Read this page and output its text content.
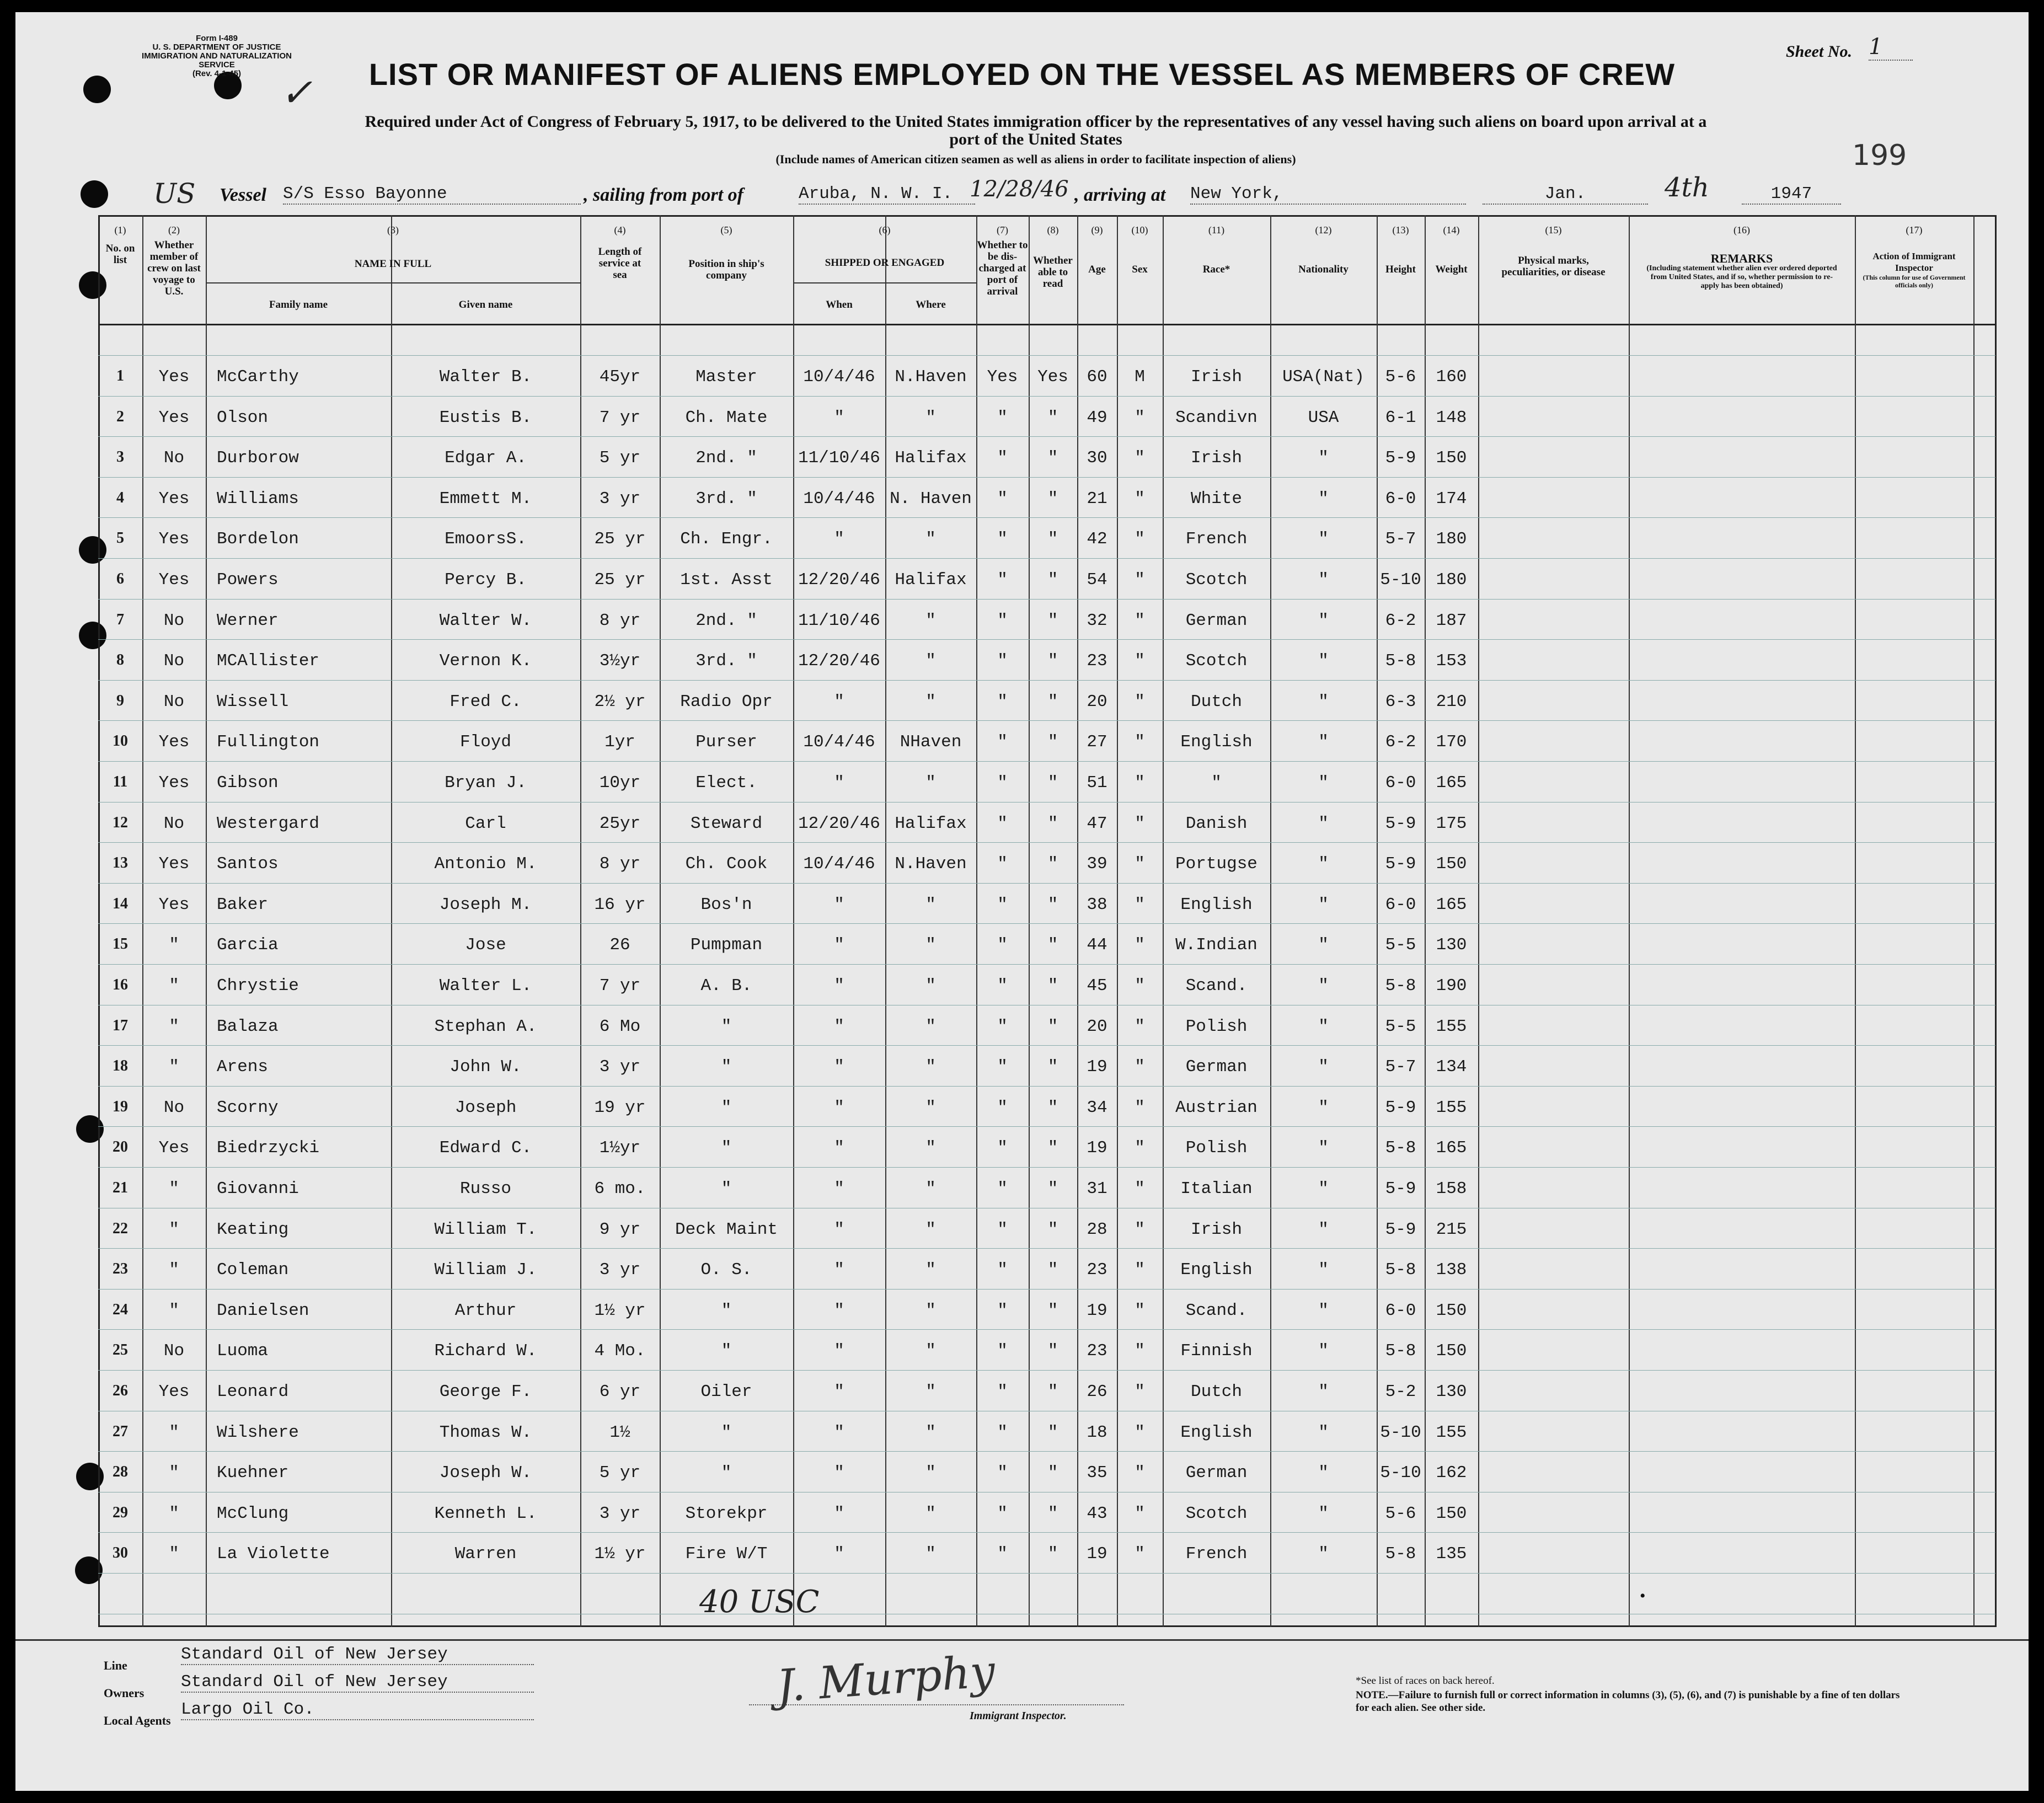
Form I-489
U. S. DEPARTMENT OF JUSTICE
IMMIGRATION AND NATURALIZATION SERVICE
(Rev. 4-1-45)	✓
Sheet No. 1
LIST OR MANIFEST OF ALIENS EMPLOYED ON THE VESSEL AS MEMBERS OF CREW
Required under Act of Congress of February 5, 1917, to be delivered to the United States immigration officer by the representatives of any vessel having such aliens on board upon arrival at a
port of the United States
(Include names of American citizen seamen as well as aliens in order to facilitate inspection of aliens)	199
US Vessel S/S Esso Bayonne	, sailing from port of	Aruba, N. W. I. 12/28/46 , arriving at New York,	Jan.	4th	1947
(1)
No. on list
(2)
Whether member of crew on last voyage to U.S.
(3)
NAME IN FULL
Family name	Given name
(4)
Length of service at sea
(5)
Position in ship's company
(6)
SHIPPED OR ENGAGED
When	Where
(7)
Whether to be dis-charged at port of arrival
(8)
Whether able to read
(9)
Age
(10)
Sex
(11)
Race*
(12)
Nationality
(13)
Height
(14)
Weight
(15)
Physical marks, peculiarities, or disease
(16)
REMARKS
(Including statement whether alien ever ordered deported from United States, and if so, whether permission to re-apply has been obtained)
(17)
Action of Immigrant Inspector
(This column for use of Government officials only)
1	Yes	McCarthy	Walter B.	45yr	Master	10/4/46	N.Haven	Yes	Yes	60	M	Irish	USA(Nat)	5-6	160
2	Yes	Olson	Eustis B.	7 yr	Ch. Mate	"	"	"	"	49	"	Scandivn	USA	6-1	148
3	No	Durborow	Edgar A.	5 yr	2nd. "	11/10/46 Halifax	"	"	30	"	Irish	"	5-9	150
4	Yes	Williams	Emmett M.	3 yr	3rd. "	10/4/46 N. Haven	"	"	21	"	White	"	6-0	174
5	Yes	Bordelon	EmoorsS.	25 yr	Ch. Engr.	"	"	"	"	42	"	French	"	5-7	180
6	Yes	Powers	Percy B.	25 yr	1st. Asst	12/20/46 Halifax	"	"	54	"	Scotch	"	5-10 180
7	No	Werner	Walter W.	8 yr	2nd. "	11/10/46	"	"	"	32	"	German	"	6-2	187
8	No	MCAllister	Vernon K.	3½yr	3rd. "	12/20/46	"	"	"	23	"	Scotch	"	5-8	153
9	No	Wissell	Fred C.	2½ yr	Radio Opr	"	"	"	"	20	"	Dutch	"	6-3	210
10	Yes	Fullington	Floyd	1yr	Purser	10/4/46	NHaven	"	"	27	"	English	"	6-2	170
11	Yes	Gibson	Bryan J.	10yr	Elect.	"	"	"	"	51	"	"	"	6-0	165
12	No	Westergard	Carl	25yr	Steward	12/20/46 Halifax	"	"	47	"	Danish	"	5-9	175
13	Yes	Santos	Antonio M.	8 yr	Ch. Cook	10/4/46	N.Haven	"	"	39	"	Portugse	"	5-9	150
14	Yes	Baker	Joseph M.	16 yr	Bos'n	"	"	"	"	38	"	English	"	6-0	165
15	"	Garcia	Jose	26	Pumpman	"	"	"	"	44	"	W.Indian	"	5-5	130
16	"	Chrystie	Walter L.	7 yr	A. B.	"	"	"	"	45	"	Scand.	"	5-8	190
17	"	Balaza	Stephan A.	6 Mo	"	"	"	"	"	20	"	Polish	"	5-5	155
18	"	Arens	John W.	3 yr	"	"	"	"	"	19	"	German	"	5-7	134
19	No	Scorny	Joseph	19 yr	"	"	"	"	"	34	"	Austrian	"	5-9	155
20	Yes	Biedrzycki	Edward C.	1½yr	"	"	"	"	"	19	"	Polish	"	5-8	165
21	"	Giovanni	Russo	6 mo.	"	"	"	"	"	31	"	Italian	"	5-9	158
22	"	Keating	William T.	9 yr	Deck Maint	"	"	"	"	28	"	Irish	"	5-9	215
23	"	Coleman	William J.	3 yr	O. S.	"	"	"	"	23	"	English	"	5-8	138
24	"	Danielsen	Arthur	1½ yr	"	"	"	"	"	19	"	Scand.	"	6-0	150
25	No	Luoma	Richard W.	4 Mo.	"	"	"	"	"	23	"	Finnish	"	5-8	150
26	Yes	Leonard	George F.	6 yr	Oiler	"	"	"	"	26	"	Dutch	"	5-2	130
27	"	Wilshere	Thomas W.	1½	"	"	"	"	"	18	"	English	"	5-10 155
28	"	Kuehner	Joseph W.	5 yr	"	"	"	"	"	35	"	German	"	5-10 162
29	"	McClung	Kenneth L.	3 yr	Storekpr	"	"	"	"	43	"	Scotch	"	5-6	150
30	"	La Violette	Warren	1½ yr	Fire W/T	"	"	"	"	19	"	French	"	5-8	135
40 USC	•
Line
Standard Oil of New Jersey
Owners
Standard Oil of New Jersey
Local Agents
Largo Oil Co.	J. Murphy
Immigrant Inspector.
*See list of races on back hereof.
NOTE.—Failure to furnish full or correct information in columns (3), (5), (6), and (7) is punishable by a fine of ten dollars for each alien. See other side.
